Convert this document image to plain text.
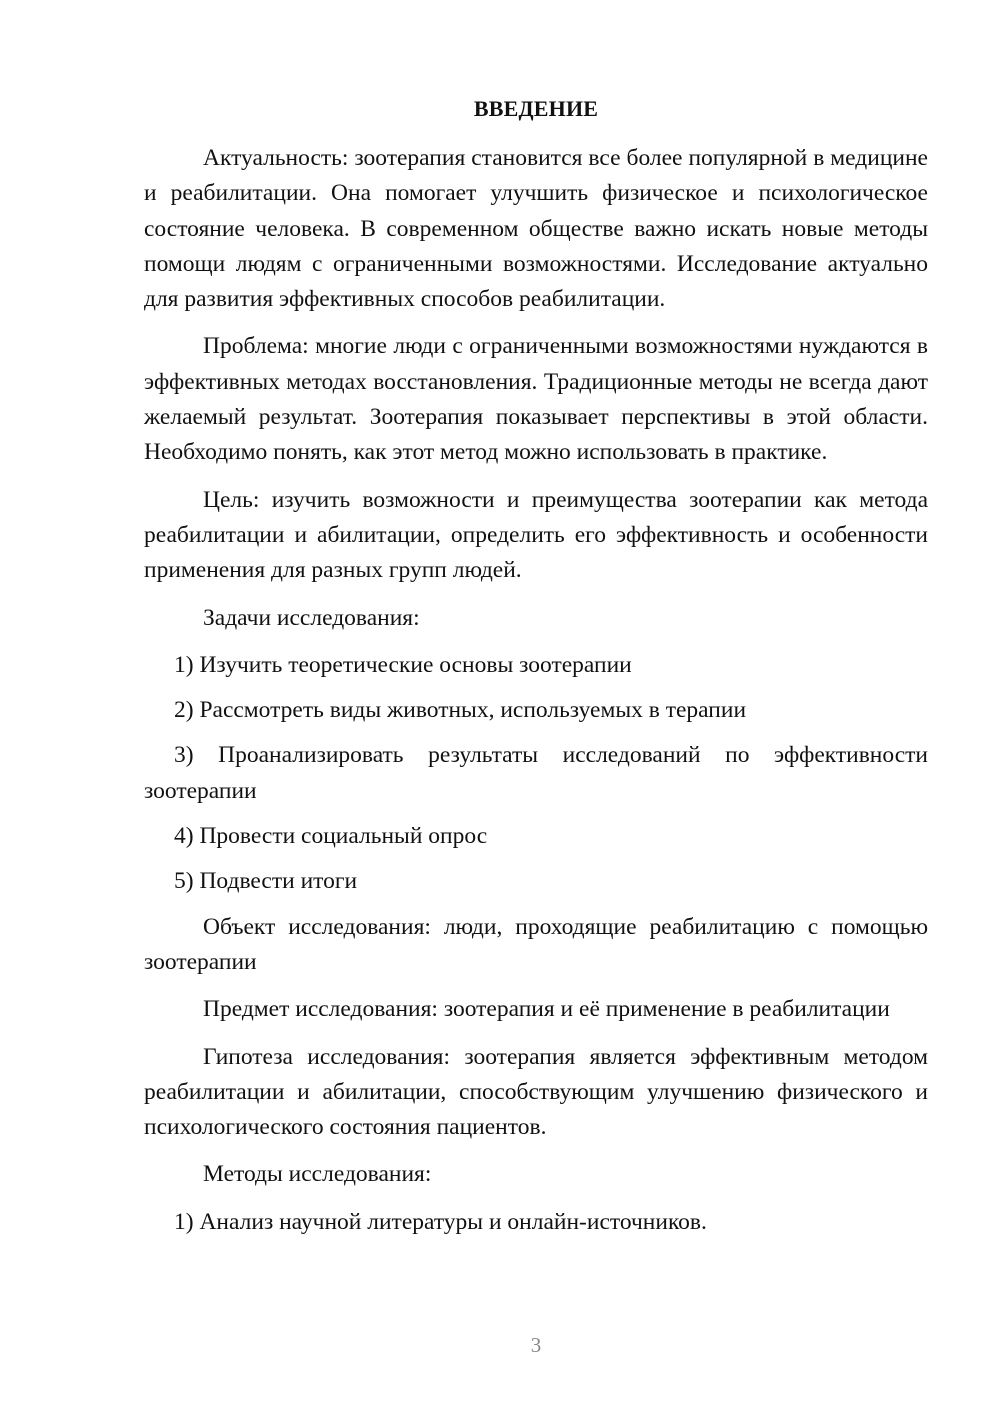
ВВЕДЕНИЕ

Актуальность: зоотерапия становится все более популярной в медицине и реабилитации. Она помогает улучшить физическое и психологическое состояние человека. В современном обществе важно искать новые методы помощи людям с ограниченными возможностями. Исследование актуально для развития эффективных способов реабилитации.

Проблема: многие люди с ограниченными возможностями нуждаются в эффективных методах восстановления. Традиционные методы не всегда дают желаемый результат. Зоотерапия показывает перспективы в этой области. Необходимо понять, как этот метод можно использовать в практике.

Цель: изучить возможности и преимущества зоотерапии как метода реабилитации и абилитации, определить его эффективность и особенности применения для разных групп людей.

Задачи исследования:

1) Изучить теоретические основы зоотерапии

2) Рассмотреть виды животных, используемых в терапии

3) Проанализировать результаты исследований по эффективности зоотерапии

4) Провести социальный опрос

5) Подвести итоги

Объект исследования: люди, проходящие реабилитацию с помощью зоотерапии

Предмет исследования: зоотерапия и её применение в реабилитации

Гипотеза исследования: зоотерапия является эффективным методом реабилитации и абилитации, способствующим улучшению физического и психологического состояния пациентов.

Методы исследования:

1) Анализ научной литературы и онлайн-источников.

3
